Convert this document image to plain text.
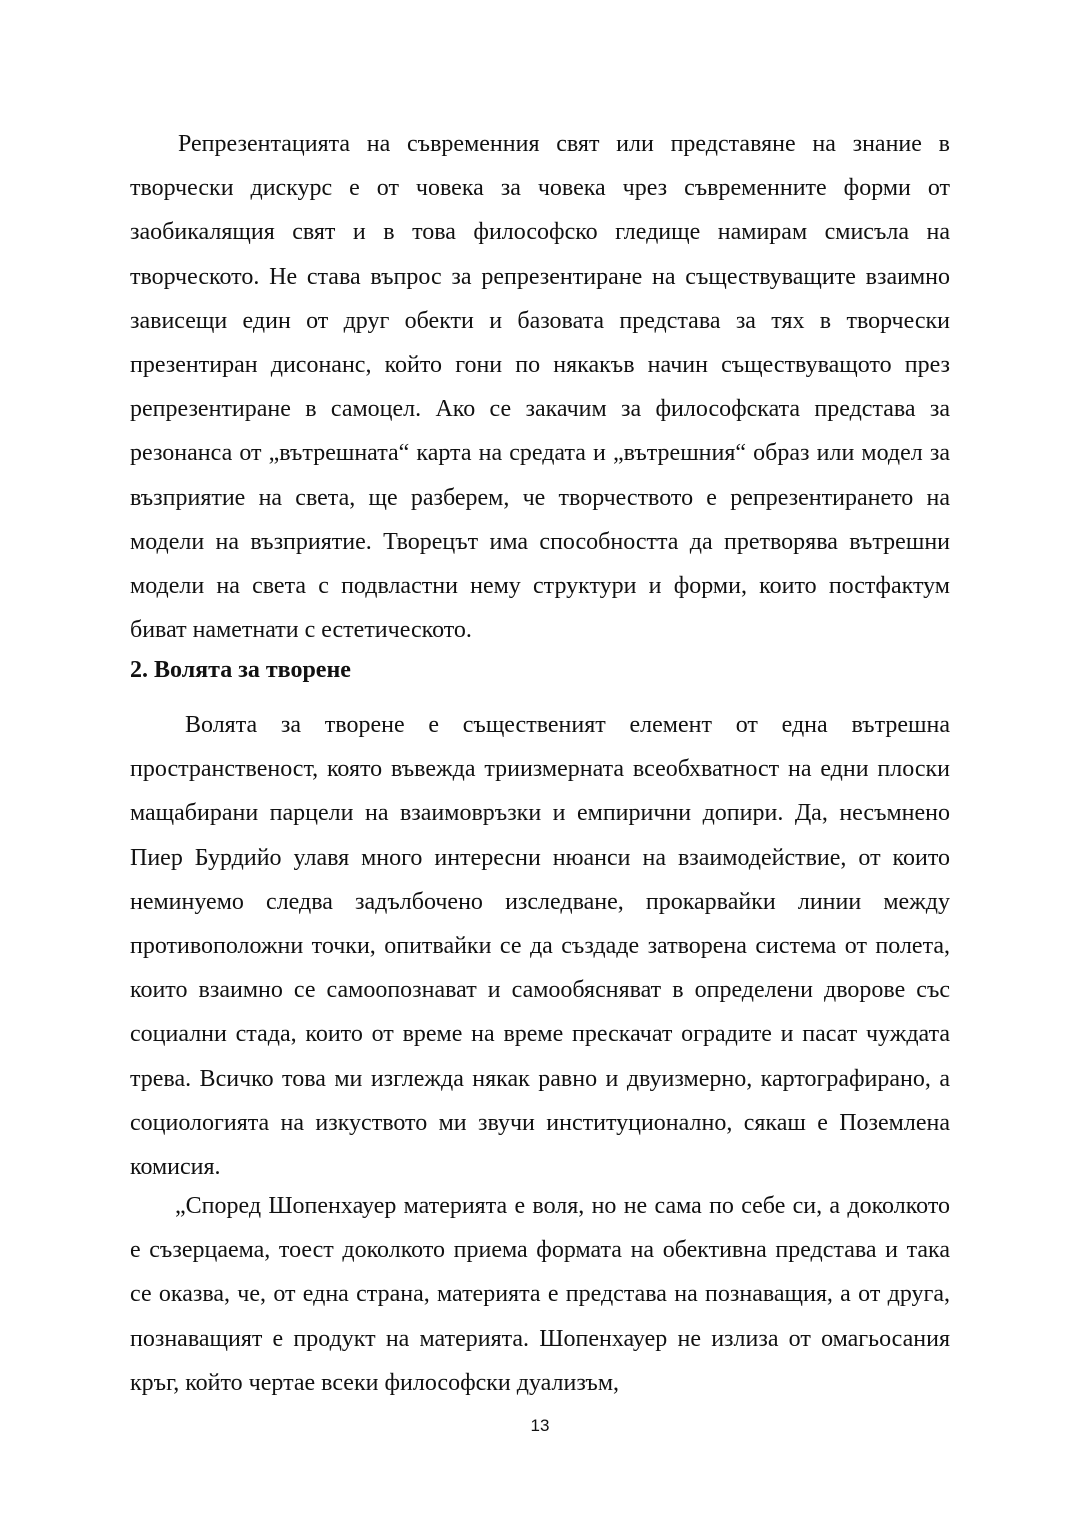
Репрезентацията на съвременния свят или представяне на знание в творчески дискурс е от човека за човека чрез съвременните форми от заобикалящия свят и в това философско гледище намирам смисъла на творческото. Не става въпрос за репрезентиране на съществуващите взаимно зависещи един от друг обекти и базовата представа за тях в творчески презентиран дисонанс, който гони по някакъв начин съществуващото през репрезентиране в самоцел. Ако се закачим за философската представа за резонанса от „вътрешната“ карта на средата и „вътрешния“ образ или модел за възприятие на света, ще разберем, че творчеството е репрезентирането на модели на възприятие. Творецът има способността да претворява вътрешни модели на света с подвластни нему структури и форми, които постфактум биват наметнати с естетическото.

2. Волята за творене

Волята за творене е съществения​т елемент от една вътрешна пространственост, която въвежда триизмерната всеобхватност на едни плоски мащабирани парцели на взаимовръзки и емпирични допири. Да, несъмнено Пиер Бурдийо улавя много интересни нюанси на взаимодействие, от които неминуемо следва задълбочено изследване, прокарвайки линии между противоположни точки, опитвайки се да създаде затворена система от полета, които взаимно се самоопознават и самообясняват в определени дворове със социални стада, които от време на време прескачат оградите и пасат чуждата трева. Всичко това ми изглежда някак равно и двуизмерно, картографирано, а социологията на изкуството ми звучи институционално, сякаш е Поземлена комисия.

„Според Шопенхауер материята е воля, но не сама по себе си, а доколкото е съзерцаема, тоест доколкото приема формата на обективна представа и така се оказва, че, от една страна, материята е представа на познаващия, а от друга, познаващият е продукт на материята. Шопенхауер не излиза от омагьосания кръг, който чертае всеки философски дуализъм,

13
